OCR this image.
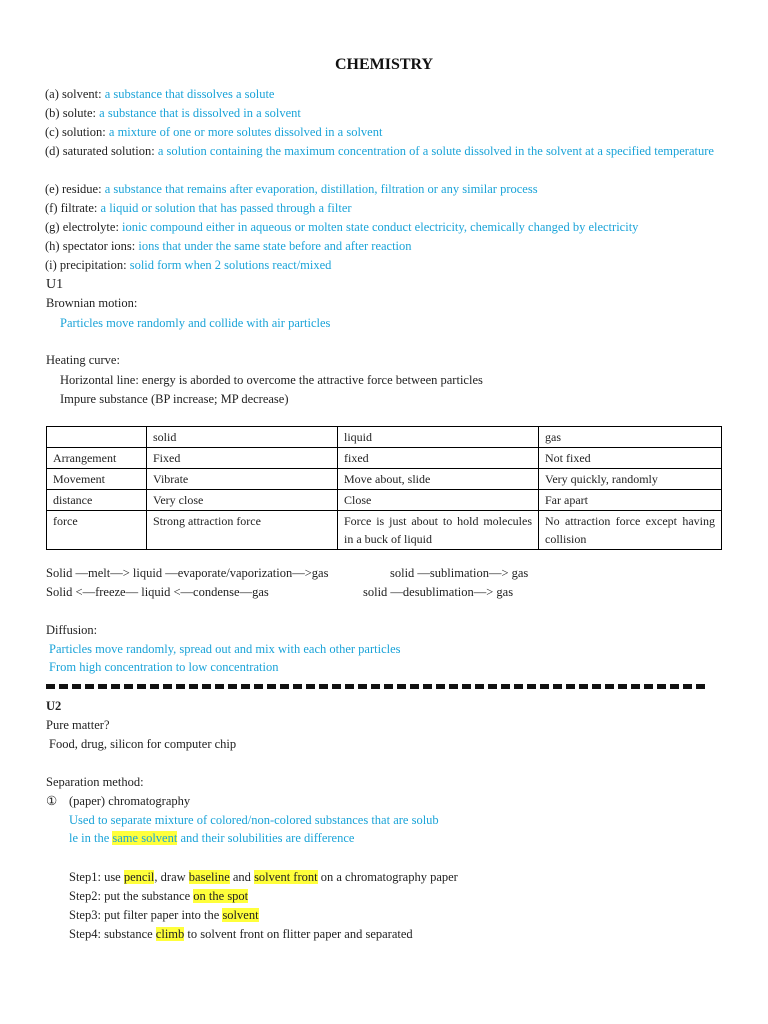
CHEMISTRY
(a) solvent: a substance that dissolves a solute
(b) solute: a substance that is dissolved in a solvent
(c) solution: a mixture of one or more solutes dissolved in a solvent
(d) saturated solution: a solution containing the maximum concentration of a solute dissolved in the solvent at a specified temperature
(e) residue: a substance that remains after evaporation, distillation, filtration or any similar process
(f) filtrate: a liquid or solution that has passed through a filter
(g) electrolyte: ionic compound either in aqueous or molten state conduct electricity, chemically changed by electricity
(h) spectator ions: ions that under the same state before and after reaction
(i) precipitation: solid form when 2 solutions react/mixed
U1
Brownian motion:
Particles move randomly and collide with air particles
Heating curve:
Horizontal line: energy is aborded to overcome the attractive force between particles
Impure substance (BP increase; MP decrease)
	solid	liquid	gas
Arrangement	Fixed	fixed	Not fixed
Movement	Vibrate	Move about, slide	Very quickly, randomly
distance	Very close	Close	Far apart
force	Strong attraction force	Force is just about to hold molecules in a buck of liquid	No attraction force except having collision
Solid —melt—> liquid —evaporate/vaporization—>gas	solid —sublimation—> gas
Solid <—freeze— liquid <—condense—gas	solid —desublimation—> gas
Diffusion:
Particles move randomly, spread out and mix with each other particles
From high concentration to low concentration
U2
Pure matter?
Food, drug, silicon for computer chip
Separation method:
① (paper) chromatography
Used to separate mixture of colored/non-colored substances that are solub
le in the same solvent and their solubilities are difference
Step1: use pencil, draw baseline and solvent front on a chromatography paper
Step2: put the substance on the spot
Step3: put filter paper into the solvent
Step4: substance climb to solvent front on flitter paper and separated
